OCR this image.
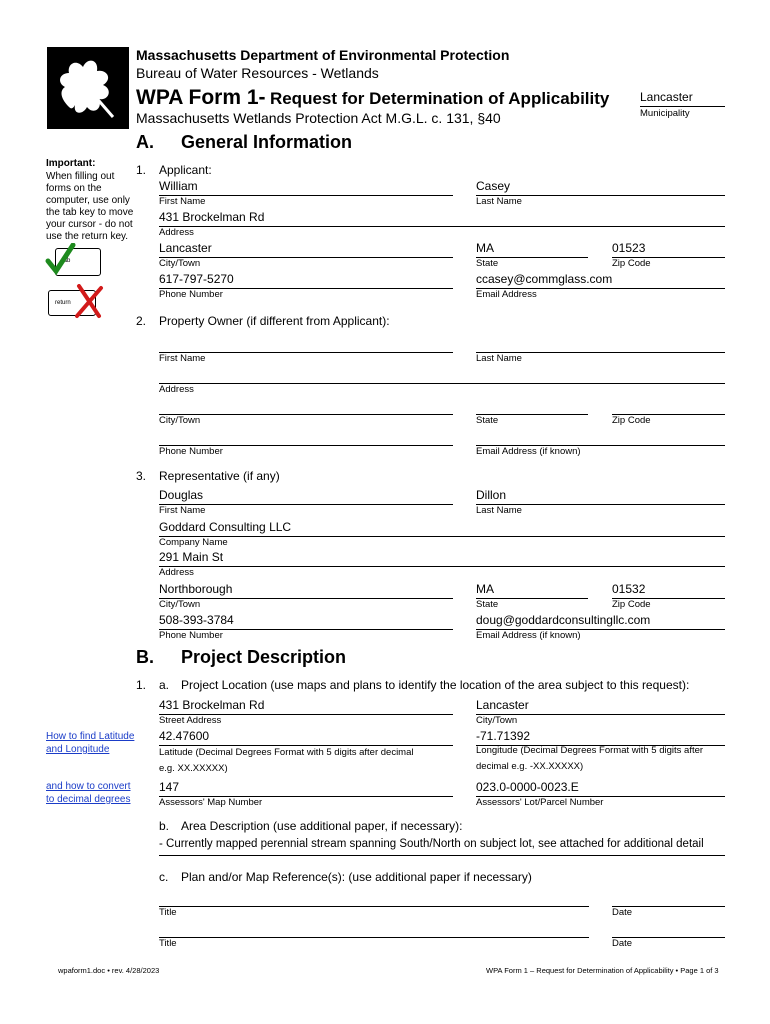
Massachusetts Department of Environmental Protection
Bureau of Water Resources - Wetlands
WPA Form 1- Request for Determination of Applicability
Massachusetts Wetlands Protection Act M.G.L. c. 131, §40
Lancaster
Municipality
Important:
When filling out forms on the computer, use only the tab key to move your cursor - do not use the return key.
tab
return
How to find Latitude and Longitude
and how to convert to decimal degrees
A. General Information
1. Applicant:
William
First Name
Casey
Last Name
431 Brockelman Rd
Address
Lancaster
City/Town
MA
State
01523
Zip Code
617-797-5270
Phone Number
ccasey@commglass.com
Email Address
2. Property Owner (if different from Applicant):
First Name	Last Name
Address
City/Town	State	Zip Code
Phone Number	Email Address (if known)
3. Representative (if any)
Douglas
First Name
Dillon
Last Name
Goddard Consulting LLC
Company Name
291 Main St
Address
Northborough
City/Town
MA
State
01532
Zip Code
508-393-3784
Phone Number
doug@goddardconsultingllc.com
Email Address (if known)
B. Project Description
1. a. Project Location (use maps and plans to identify the location of the area subject to this request):
431 Brockelman Rd
Street Address
Lancaster
City/Town
42.47600
Latitude (Decimal Degrees Format with 5 digits after decimal
e.g. XX.XXXXX)
-71.71392
Longitude (Decimal Degrees Format with 5 digits after
decimal e.g. -XX.XXXXX)
147
Assessors' Map Number
023.0-0000-0023.E
Assessors' Lot/Parcel Number
b. Area Description (use additional paper, if necessary):
- Currently mapped perennial stream spanning South/North on subject lot, see attached for additional detail
c. Plan and/or Map Reference(s): (use additional paper if necessary)
Title	Date
Title	Date
wpaform1.doc • rev. 4/28/2023	WPA Form 1 – Request for Determination of Applicability • Page 1 of 3
